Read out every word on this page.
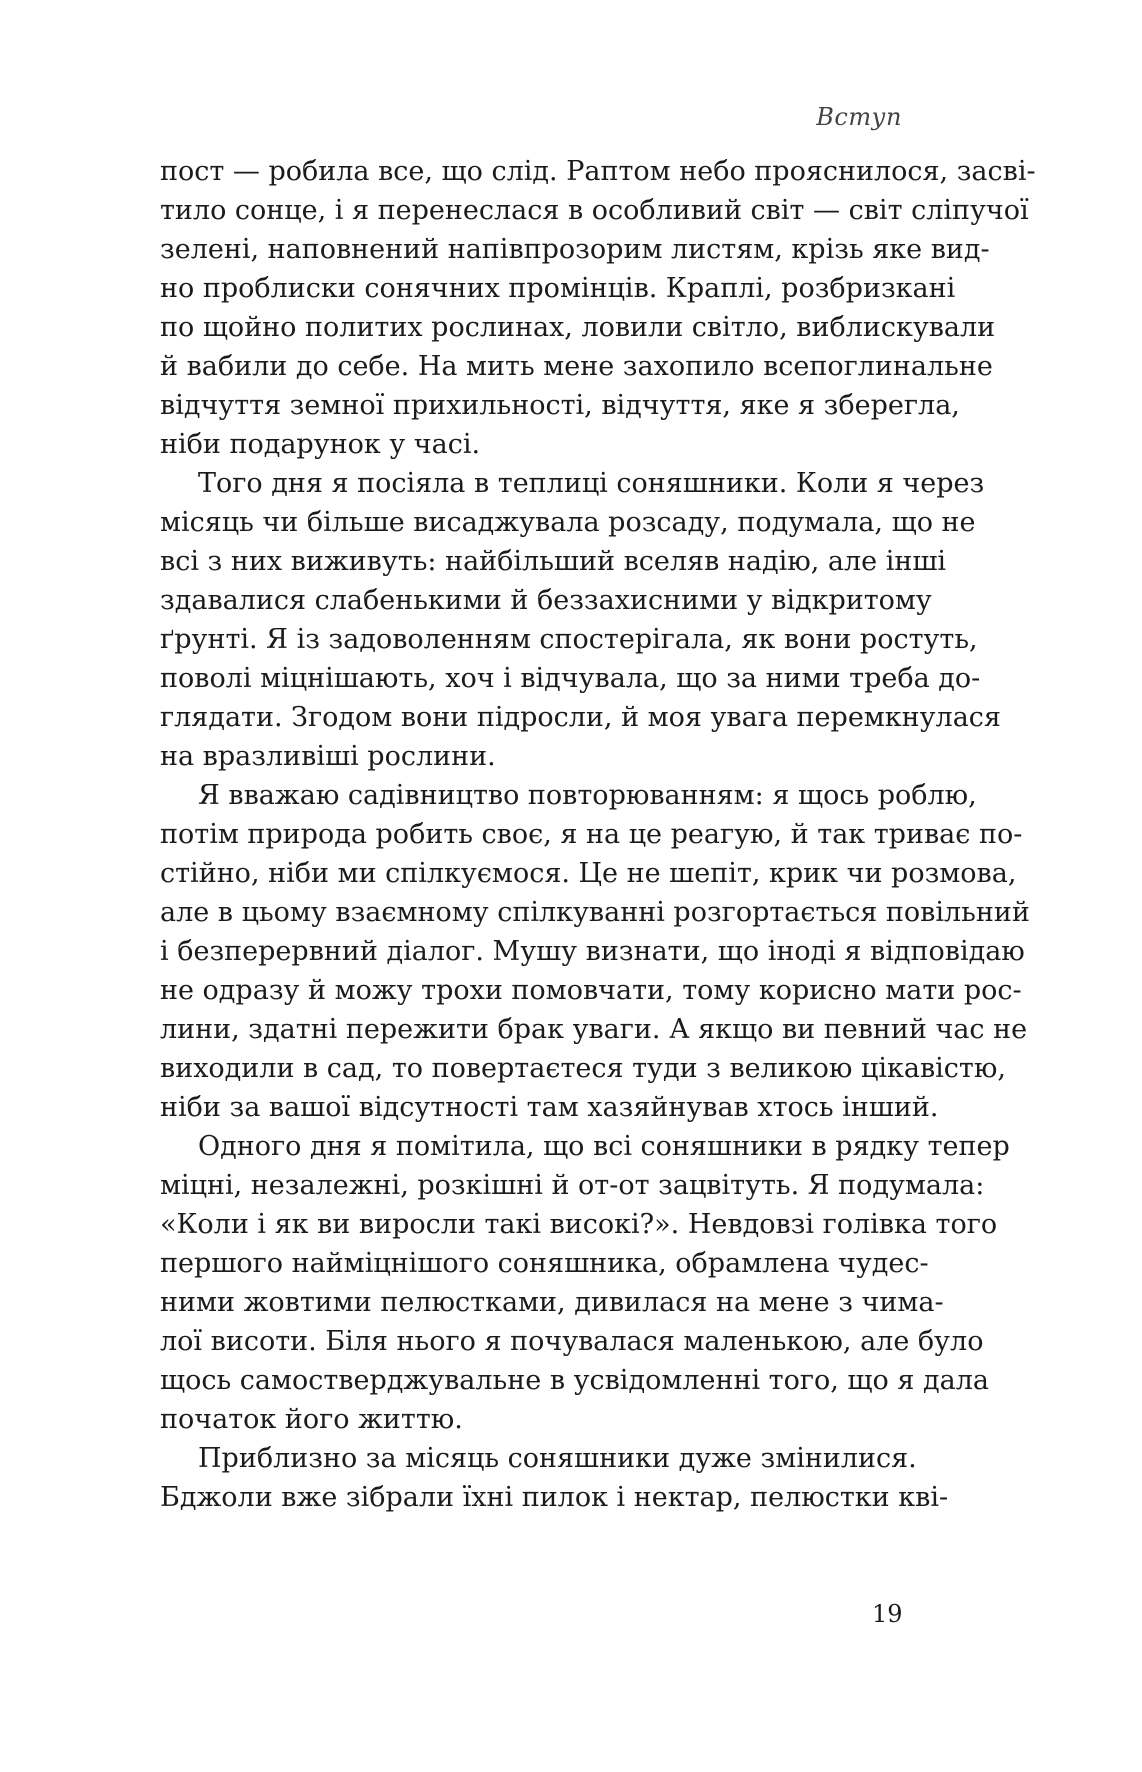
Вступ

пост — робила все, що слід. Раптом небо прояснилося, засві-
тило сонце, і я перенеслася в особливий світ — світ сліпучої
зелені, наповнений напівпрозорим листям, крізь яке вид-
но проблиски сонячних промінців. Краплі, розбризкані
по щойно политих рослинах, ловили світло, виблискували
й вабили до себе. На мить мене захопило всепоглинальне
відчуття земної прихильності, відчуття, яке я зберегла,
ніби подарунок у часі.

Того дня я посіяла в теплиці соняшники. Коли я через
місяць чи більше висаджувала розсаду, подумала, що не
всі з них виживуть: найбільший вселяв надію, але інші
здавалися слабенькими й беззахисними у відкритому
ґрунті. Я із задоволенням спостерігала, як вони ростуть,
поволі міцнішають, хоч і відчувала, що за ними треба до-
глядати. Згодом вони підросли, й моя увага перемкнулася
на вразливіші рослини.

Я вважаю садівництво повторюванням: я щось роблю,
потім природа робить своє, я на це реагую, й так триває по-
стійно, ніби ми спілкуємося. Це не шепіт, крик чи розмова,
але в цьому взаємному спілкуванні розгортається повільний
і безперервний діалог. Мушу визнати, що іноді я відповідаю
не одразу й можу трохи помовчати, тому корисно мати рос-
лини, здатні пережити брак уваги. А якщо ви певний час не
виходили в сад, то повертаєтеся туди з великою цікавістю,
ніби за вашої відсутності там хазяйнував хтось інший.

Одного дня я помітила, що всі соняшники в рядку тепер
міцні, незалежні, розкішні й от-от зацвітуть. Я подумала:
«Коли і як ви виросли такі високі?». Невдовзі голівка того
першого найміцнішого соняшника, обрамлена чудес-
ними жовтими пелюстками, дивилася на мене з чима-
лої висоти. Біля нього я почувалася маленькою, але було
щось самостверджувальне в усвідомленні того, що я дала
початок його життю.

Приблизно за місяць соняшники дуже змінилися.
Бджоли вже зібрали їхні пилок і нектар, пелюстки кві-

19
